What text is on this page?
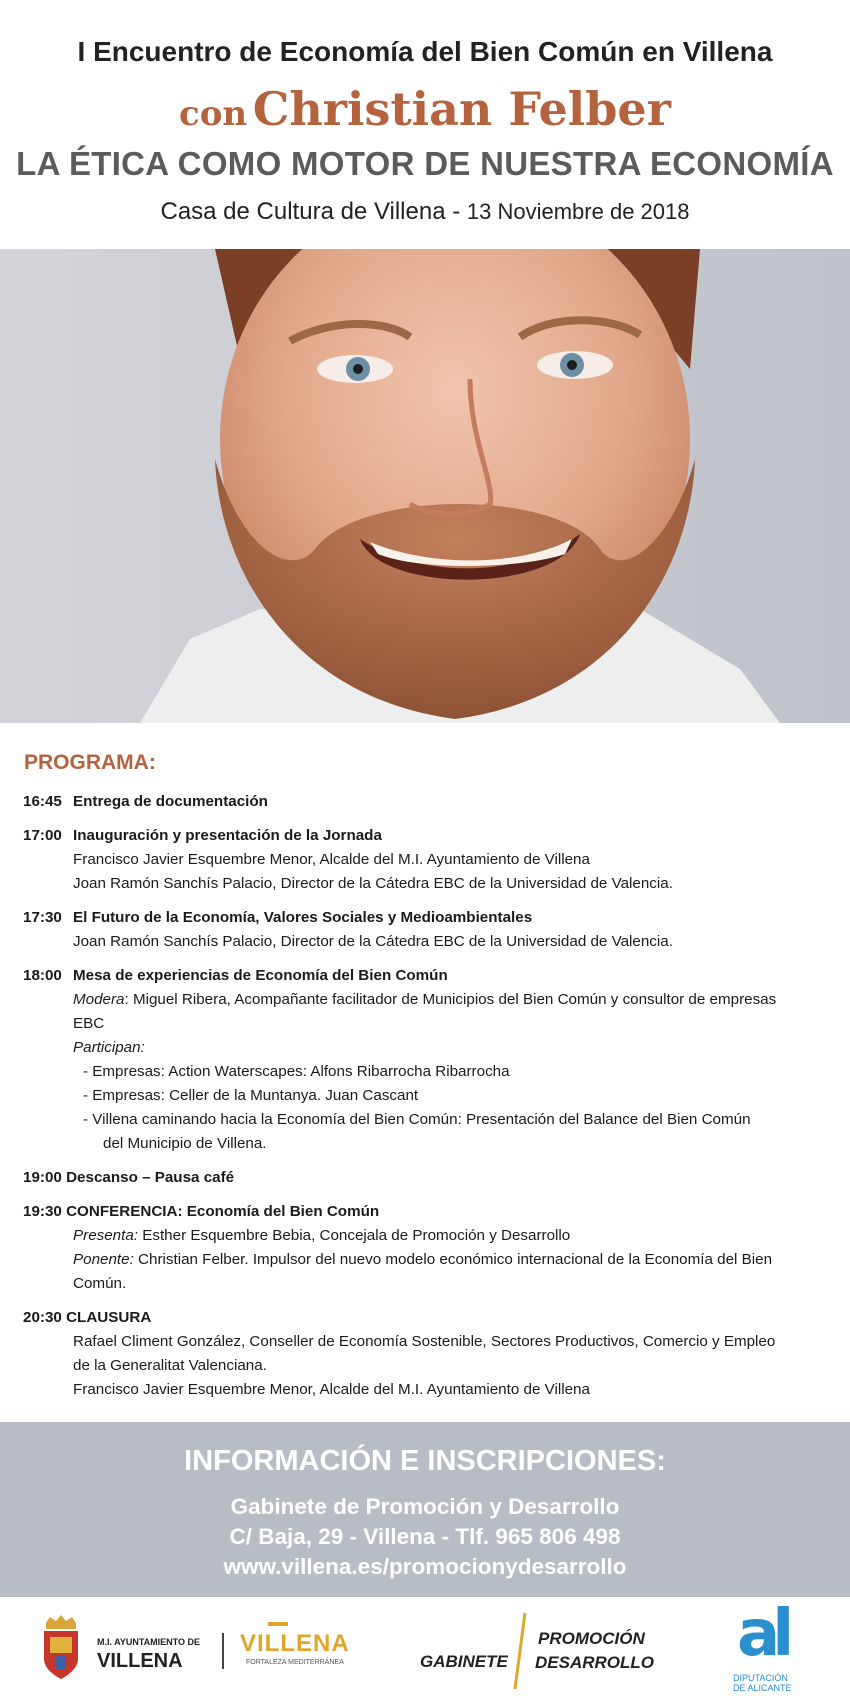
I Encuentro de Economía del Bien Común en Villena
con Christian Felber
LA ÉTICA COMO MOTOR DE NUESTRA ECONOMÍA
Casa de Cultura de Villena - 13 Noviembre de 2018
PROGRAMA:
16:45 Entrega de documentación
17:00 Inauguración y presentación de la Jornada
Francisco Javier Esquembre Menor, Alcalde del M.I. Ayuntamiento de Villena
Joan Ramón Sanchís Palacio, Director de la Cátedra EBC de la Universidad de Valencia.
17:30 El Futuro de la Economía, Valores Sociales y Medioambientales
Joan Ramón Sanchís Palacio, Director de la Cátedra EBC de la Universidad de Valencia.
18:00 Mesa de experiencias de Economía del Bien Común
Modera: Miguel Ribera, Acompañante facilitador de Municipios del Bien Común y consultor de empresas
EBC
Participan:
- Empresas: Action Waterscapes: Alfons Ribarrocha Ribarrocha
- Empresas: Celler de la Muntanya. Juan Cascant
- Villena caminando hacia la Economía del Bien Común: Presentación del Balance del Bien Común
del Municipio de Villena.
19:00 Descanso – Pausa café
19:30 CONFERENCIA: Economía del Bien Común
Presenta: Esther Esquembre Bebia, Concejala de Promoción y Desarrollo
Ponente: Christian Felber. Impulsor del nuevo modelo económico internacional de la Economía del Bien
Común.
20:30 CLAUSURA
Rafael Climent González, Conseller de Economía Sostenible, Sectores Productivos, Comercio y Empleo
de la Generalitat Valenciana.
Francisco Javier Esquembre Menor, Alcalde del M.I. Ayuntamiento de Villena
INFORMACIÓN E INSCRIPCIONES:
Gabinete de Promoción y Desarrollo
C/ Baja, 29 - Villena - Tlf. 965 806 498
www.villena.es/promocionydesarrollo
M.I. AYUNTAMIENTO DE
VILLENA
VILLENA
FORTALEZA MEDITERRÁNEA	GABINETE
PROMOCIÓN
DESARROLLO al
DIPUTACIÓN
DE ALICANTE
